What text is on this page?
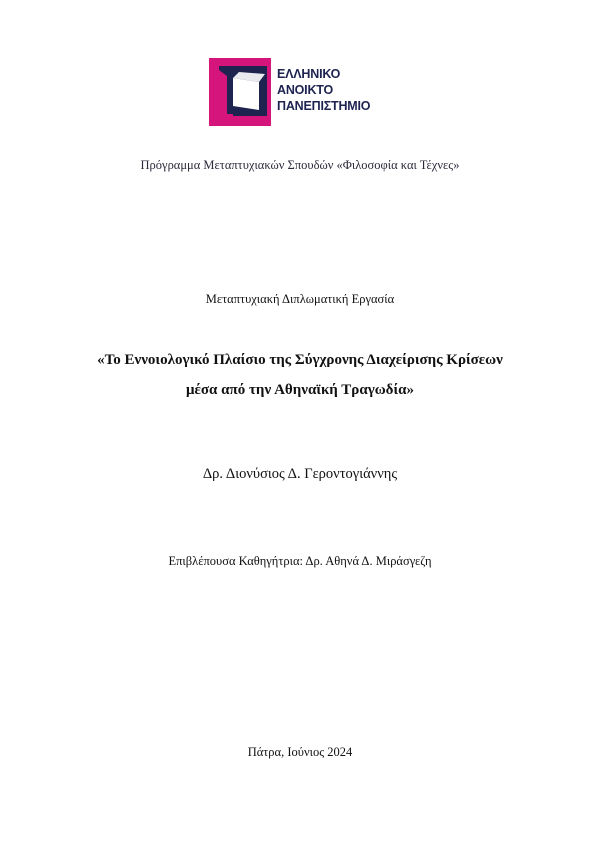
ΕΛΛΗΝΙΚΟ
ΑΝΟΙΚΤΟ
ΠΑΝΕΠΙΣΤΗΜΙΟ
Πρόγραμμα Μεταπτυχιακών Σπουδών «Φιλοσοφία και Τέχνες»
Μεταπτυχιακή Διπλωματική Εργασία
«Το Εννοιολογικό Πλαίσιο της Σύγχρονης Διαχείρισης Κρίσεων
μέσα από την Αθηναϊκή Τραγωδία»
Δρ. Διονύσιος Δ. Γεροντογιάννης
Επιβλέπουσα Καθηγήτρια: Δρ. Αθηνά Δ. Μιράσγεζη
Πάτρα, Ιούνιος 2024
